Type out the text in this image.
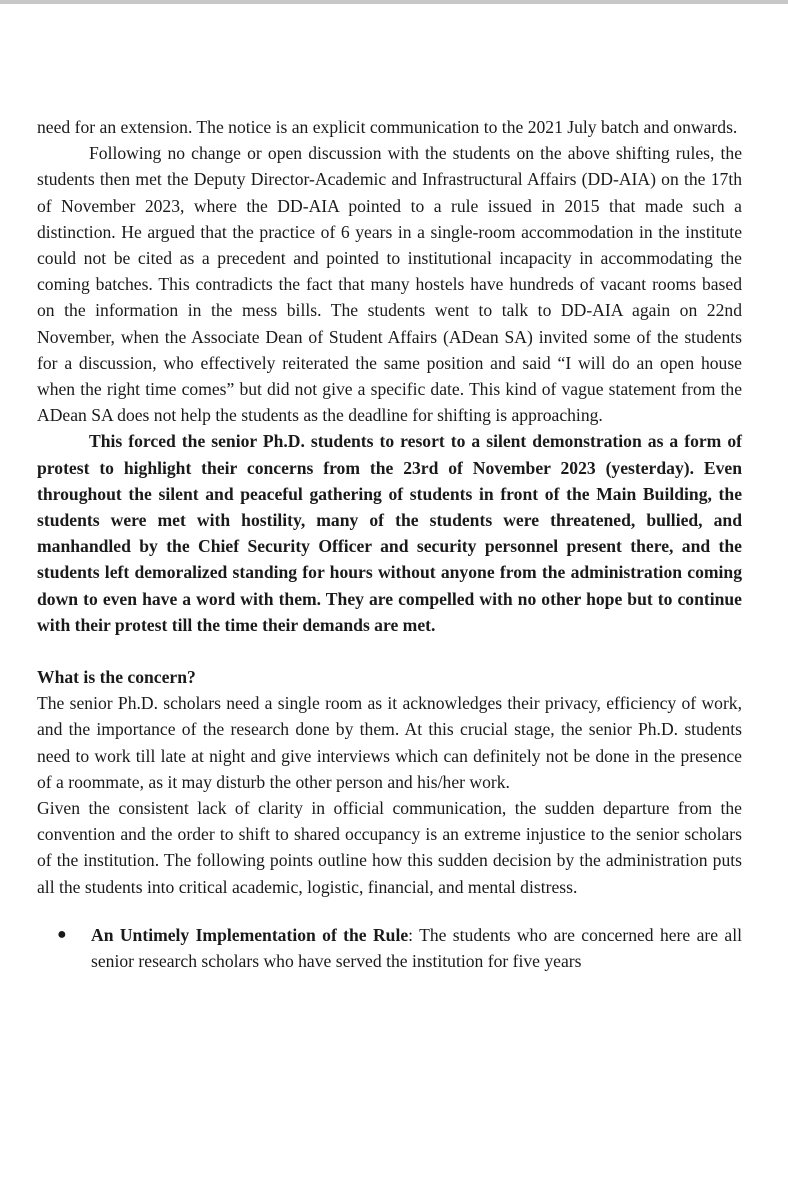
need for an extension. The notice is an explicit communication to the 2021 July batch and onwards.

Following no change or open discussion with the students on the above shifting rules, the students then met the Deputy Director-Academic and Infrastructural Affairs (DD-AIA) on the 17th of November 2023, where the DD-AIA pointed to a rule issued in 2015 that made such a distinction. He argued that the practice of 6 years in a single-room accommodation in the institute could not be cited as a precedent and pointed to institutional incapacity in accommodating the coming batches. This contradicts the fact that many hostels have hundreds of vacant rooms based on the information in the mess bills. The students went to talk to DD-AIA again on 22nd November, when the Associate Dean of Student Affairs (ADean SA) invited some of the students for a discussion, who effectively reiterated the same position and said “I will do an open house when the right time comes” but did not give a specific date. This kind of vague statement from the ADean SA does not help the students as the deadline for shifting is approaching.

This forced the senior Ph.D. students to resort to a silent demonstration as a form of protest to highlight their concerns from the 23rd of November 2023 (yesterday). Even throughout the silent and peaceful gathering of students in front of the Main Building, the students were met with hostility, many of the students were threatened, bullied, and manhandled by the Chief Security Officer and security personnel present there, and the students left demoralized standing for hours without anyone from the administration coming down to even have a word with them. They are compelled with no other hope but to continue with their protest till the time their demands are met.

What is the concern?

The senior Ph.D. scholars need a single room as it acknowledges their privacy, efficiency of work, and the importance of the research done by them. At this crucial stage, the senior Ph.D. students need to work till late at night and give interviews which can definitely not be done in the presence of a roommate, as it may disturb the other person and his/her work.

Given the consistent lack of clarity in official communication, the sudden departure from the convention and the order to shift to shared occupancy is an extreme injustice to the senior scholars of the institution. The following points outline how this sudden decision by the administration puts all the students into critical academic, logistic, financial, and mental distress.

● An Untimely Implementation of the Rule: The students who are concerned here are all senior research scholars who have served the institution for five years
